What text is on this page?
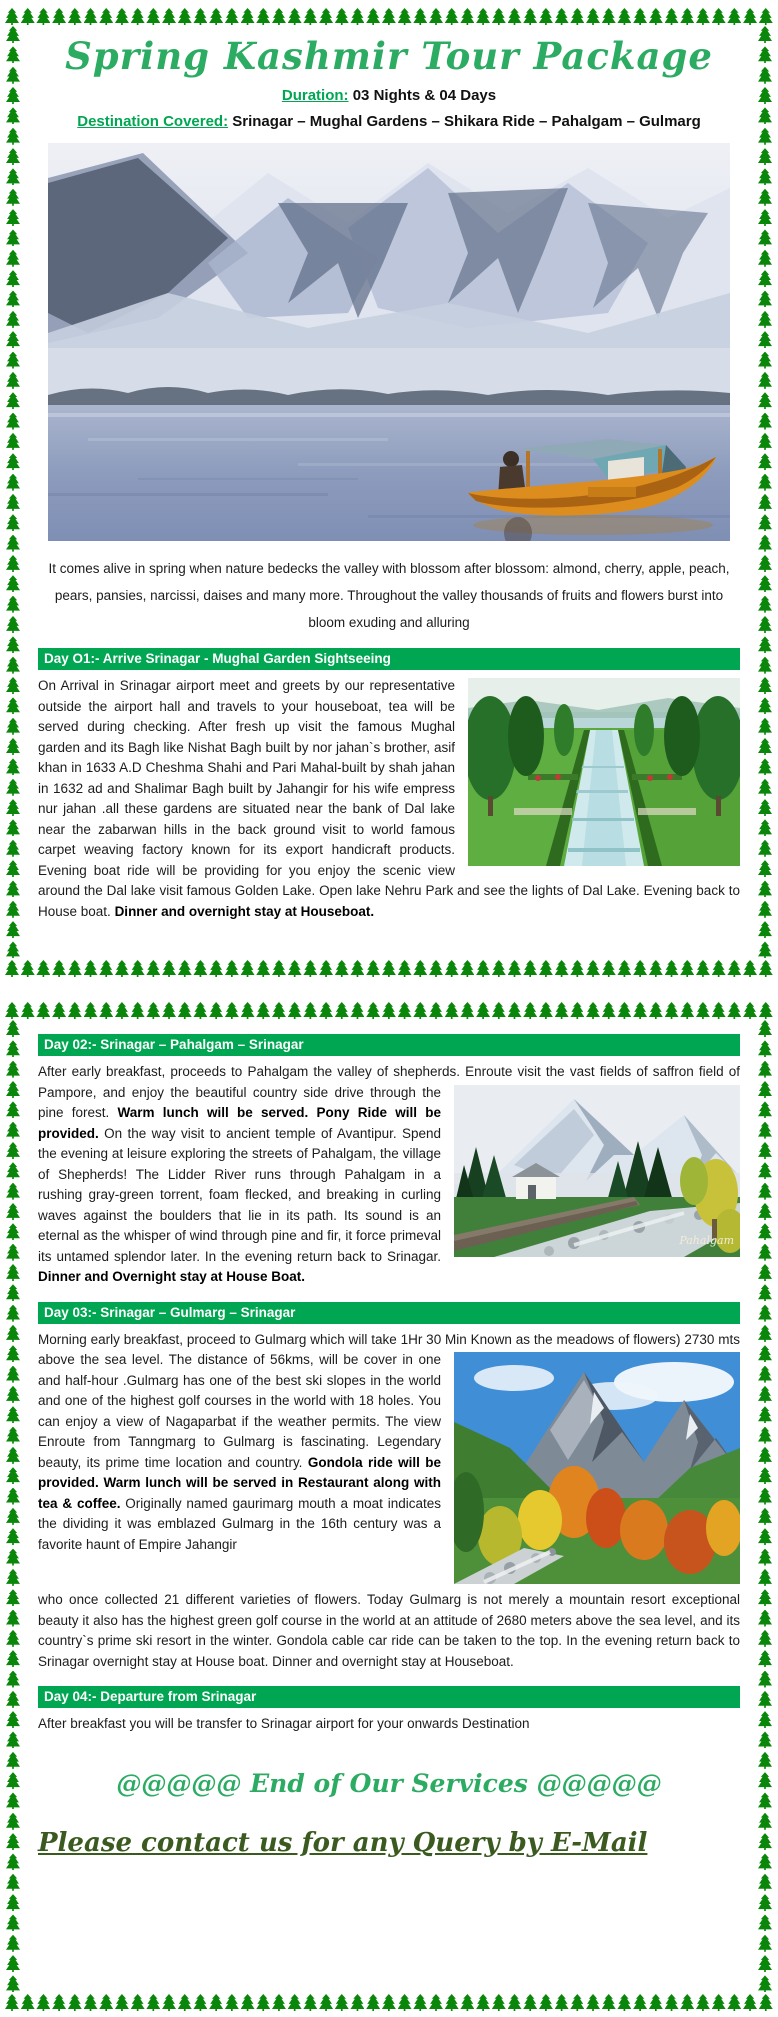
Spring Kashmir Tour Package
Duration: 03 Nights & 04 Days
Destination Covered: Srinagar – Mughal Gardens – Shikara Ride – Pahalgam – Gulmarg
It comes alive in spring when nature bedecks the valley with blossom after blossom: almond, cherry, apple, peach, pears, pansies, narcissi, daises and many more. Throughout the valley thousands of fruits and flowers burst into bloom exuding and alluring
Day O1:- Arrive Srinagar - Mughal Garden Sightseeing
On Arrival in Srinagar airport meet and greets by our representative outside the airport hall and travels to your houseboat, tea will be served during checking. After fresh up visit the famous Mughal garden and its Bagh like Nishat Bagh built by nor jahan`s brother, asif khan in 1633 A.D Cheshma Shahi and Pari Mahal-built by shah jahan in 1632 ad and Shalimar Bagh built by Jahangir for his wife empress nur jahan .all these gardens are situated near the bank of Dal lake near the zabarwan hills in the back ground visit to world famous carpet weaving factory known for its export handicraft products. Evening boat ride will be providing for you enjoy the scenic view around the Dal lake visit famous Golden Lake. Open lake Nehru Park and see the lights of Dal Lake. Evening back to House boat. Dinner and overnight stay at Houseboat.
Day 02:- Srinagar – Pahalgam – Srinagar
After early breakfast, proceeds to Pahalgam the valley of shepherds. Enroute visit the vast fields of saffron field of Pampore,
Pahalgam
and enjoy the beautiful country side drive through the pine forest. Warm lunch will be served. Pony Ride will be provided. On the way visit to ancient temple of Avantipur. Spend the evening at leisure exploring the streets of Pahalgam, the village of Shepherds! The Lidder River runs through Pahalgam in a rushing gray-green torrent, foam flecked, and breaking in curling waves against the boulders that lie in its path. Its sound is an eternal as the whisper of wind through pine and fir, it force primeval its untamed splendor later. In the evening return back to Srinagar. Dinner and Overnight stay at House Boat.
Day 03:- Srinagar – Gulmarg – Srinagar
Morning early breakfast, proceed to Gulmarg which will take 1Hr 30 Min Known as the meadows of flowers) 2730 mts above
the sea level. The distance of 56kms, will be cover in one and half-hour .Gulmarg has one of the best ski slopes in the world and one of the highest golf courses in the world with 18 holes. You can enjoy a view of Nagaparbat if the weather permits. The view Enroute from Tanngmarg to Gulmarg is fascinating. Legendary beauty, its prime time location and country. Gondola ride will be provided. Warm lunch will be served in Restaurant along with tea & coffee. Originally named gaurimarg mouth a moat indicates the dividing it was emblazed Gulmarg in the 16th century was a favorite haunt of Empire Jahangir
who once collected 21 different varieties of flowers. Today Gulmarg is not merely a mountain resort exceptional beauty it also has the highest green golf course in the world at an attitude of 2680 meters above the sea level, and its country`s prime ski resort in the winter. Gondola cable car ride can be taken to the top. In the evening return back to Srinagar overnight stay at House boat. Dinner and overnight stay at Houseboat.
Day 04:- Departure from Srinagar
After breakfast you will be transfer to Srinagar airport for your onwards Destination
@@@@@ End of Our Services @@@@@
Please contact us for any Query by E-Mail
